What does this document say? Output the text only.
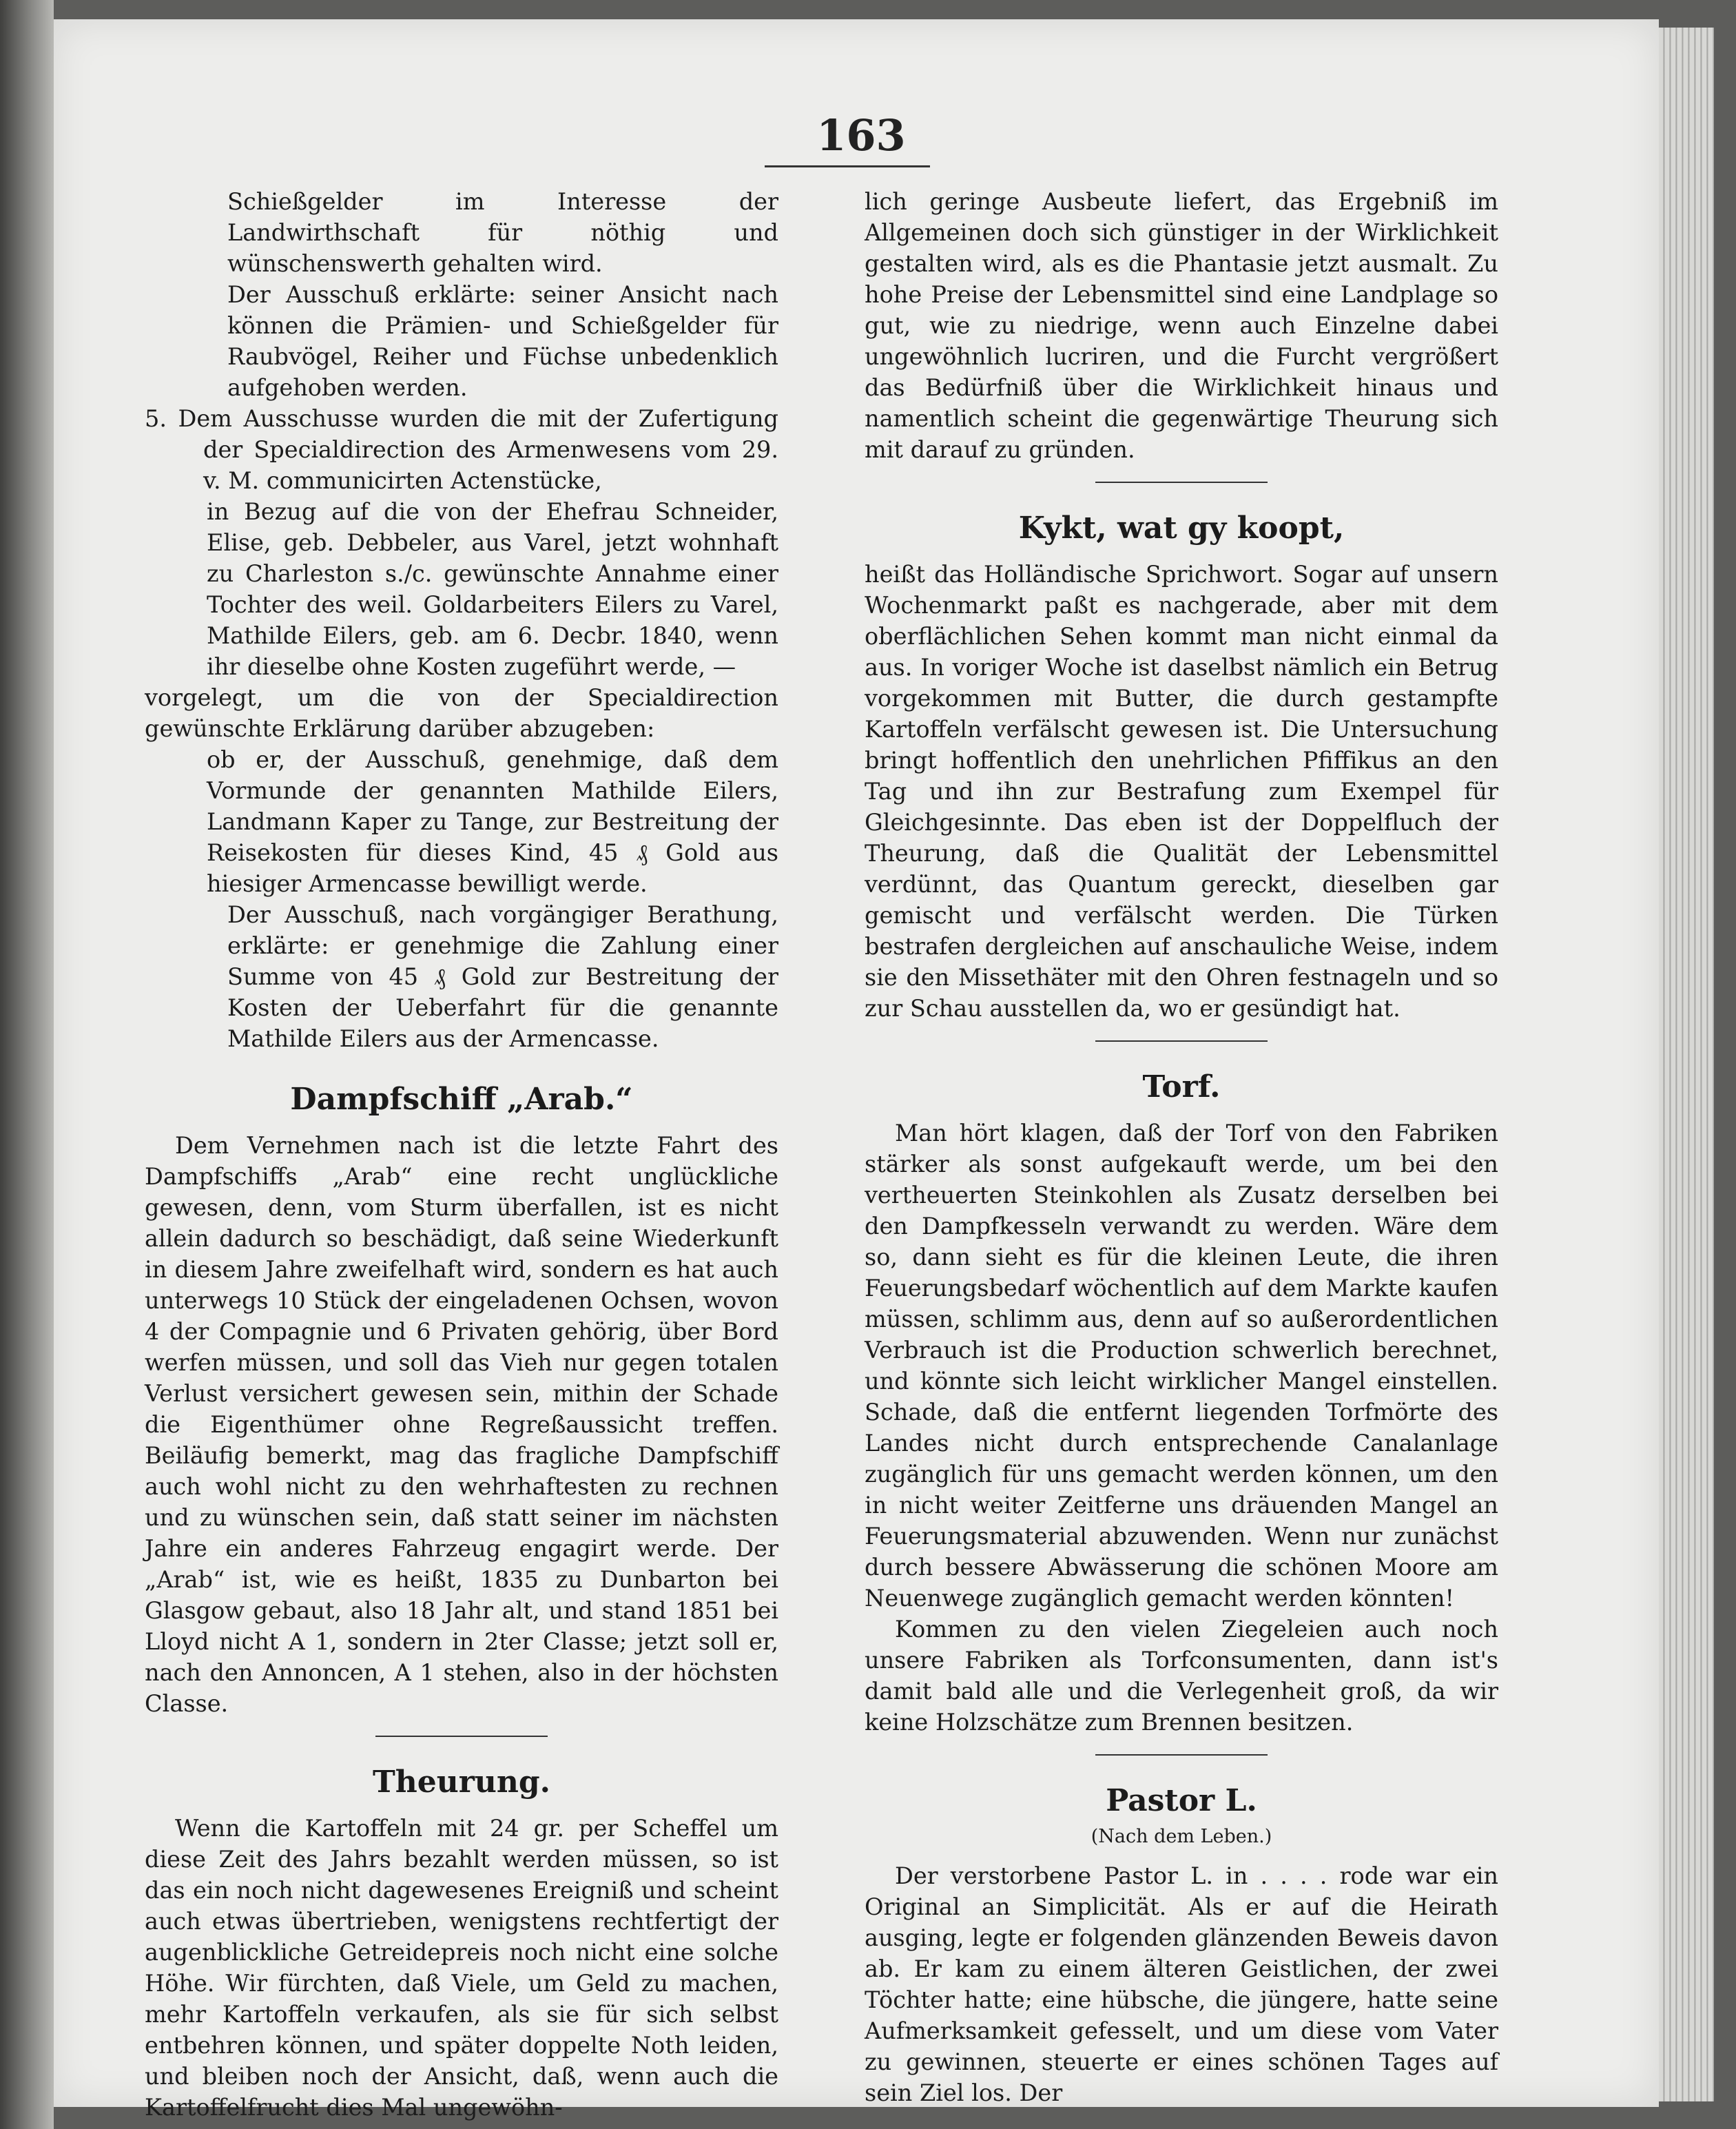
163

Schießgelder im Interesse der Landwirthschaft für nöthig und wünschenswerth gehalten wird.

Der Ausschuß erklärte: seiner Ansicht nach können die Prämien- und Schießgelder für Raubvögel, Reiher und Füchse unbedenklich aufgehoben werden.

5. Dem Ausschusse wurden die mit der Zufertigung der Specialdirection des Armenwesens vom 29. v. M. communicirten Actenstücke,

in Bezug auf die von der Ehefrau Schneider, Elise, geb. Debbeler, aus Varel, jetzt wohnhaft zu Charleston s./c. gewünschte Annahme einer Tochter des weil. Goldarbeiters Eilers zu Varel, Mathilde Eilers, geb. am 6. Decbr. 1840, wenn ihr dieselbe ohne Kosten zugeführt werde, —

vorgelegt, um die von der Specialdirection gewünschte Erklärung darüber abzugeben:

ob er, der Ausschuß, genehmige, daß dem Vormunde der genannten Mathilde Eilers, Landmann Kaper zu Tange, zur Bestreitung der Reisekosten für dieses Kind, 45 ₰ Gold aus hiesiger Armencasse bewilligt werde.

Der Ausschuß, nach vorgängiger Berathung, erklärte: er genehmige die Zahlung einer Summe von 45 ₰ Gold zur Bestreitung der Kosten der Ueberfahrt für die genannte Mathilde Eilers aus der Armencasse.

Dampfschiff „Arab.“

Dem Vernehmen nach ist die letzte Fahrt des Dampfschiffs „Arab“ eine recht unglückliche gewesen, denn, vom Sturm überfallen, ist es nicht allein dadurch so beschädigt, daß seine Wiederkunft in diesem Jahre zweifelhaft wird, sondern es hat auch unterwegs 10 Stück der eingeladenen Ochsen, wovon 4 der Compagnie und 6 Privaten gehörig, über Bord werfen müssen, und soll das Vieh nur gegen totalen Verlust versichert gewesen sein, mithin der Schade die Eigenthümer ohne Regreßaussicht treffen. Beiläufig bemerkt, mag das fragliche Dampfschiff auch wohl nicht zu den wehrhaftesten zu rechnen und zu wünschen sein, daß statt seiner im nächsten Jahre ein anderes Fahrzeug engagirt werde. Der „Arab“ ist, wie es heißt, 1835 zu Dunbarton bei Glasgow gebaut, also 18 Jahr alt, und stand 1851 bei Lloyd nicht A 1, sondern in 2ter Classe; jetzt soll er, nach den Annoncen, A 1 stehen, also in der höchsten Classe.

Theurung.

Wenn die Kartoffeln mit 24 gr. per Scheffel um diese Zeit des Jahrs bezahlt werden müssen, so ist das ein noch nicht dagewesenes Ereigniß und scheint auch etwas übertrieben, wenigstens rechtfertigt der augenblickliche Getreidepreis noch nicht eine solche Höhe. Wir fürchten, daß Viele, um Geld zu machen, mehr Kartoffeln verkaufen, als sie für sich selbst entbehren können, und später doppelte Noth leiden, und bleiben noch der Ansicht, daß, wenn auch die Kartoffelfrucht dies Mal ungewöhn-

lich geringe Ausbeute liefert, das Ergebniß im Allgemeinen doch sich günstiger in der Wirklichkeit gestalten wird, als es die Phantasie jetzt ausmalt. Zu hohe Preise der Lebensmittel sind eine Landplage so gut, wie zu niedrige, wenn auch Einzelne dabei ungewöhnlich lucriren, und die Furcht vergrößert das Bedürfniß über die Wirklichkeit hinaus und namentlich scheint die gegenwärtige Theurung sich mit darauf zu gründen.

Kykt, wat gy koopt,

heißt das Holländische Sprichwort. Sogar auf unsern Wochenmarkt paßt es nachgerade, aber mit dem oberflächlichen Sehen kommt man nicht einmal da aus. In voriger Woche ist daselbst nämlich ein Betrug vorgekommen mit Butter, die durch gestampfte Kartoffeln verfälscht gewesen ist. Die Untersuchung bringt hoffentlich den unehrlichen Pfiffikus an den Tag und ihn zur Bestrafung zum Exempel für Gleichgesinnte. Das eben ist der Doppelfluch der Theurung, daß die Qualität der Lebensmittel verdünnt, das Quantum gereckt, dieselben gar gemischt und verfälscht werden. Die Türken bestrafen dergleichen auf anschauliche Weise, indem sie den Missethäter mit den Ohren festnageln und so zur Schau ausstellen da, wo er gesündigt hat.

Torf.

Man hört klagen, daß der Torf von den Fabriken stärker als sonst aufgekauft werde, um bei den vertheuerten Steinkohlen als Zusatz derselben bei den Dampfkesseln verwandt zu werden. Wäre dem so, dann sieht es für die kleinen Leute, die ihren Feuerungsbedarf wöchentlich auf dem Markte kaufen müssen, schlimm aus, denn auf so außerordentlichen Verbrauch ist die Production schwerlich berechnet, und könnte sich leicht wirklicher Mangel einstellen. Schade, daß die entfernt liegenden Torfmörte des Landes nicht durch entsprechende Canalanlage zugänglich für uns gemacht werden können, um den in nicht weiter Zeitferne uns dräuenden Mangel an Feuerungsmaterial abzuwenden. Wenn nur zunächst durch bessere Abwässerung die schönen Moore am Neuenwege zugänglich gemacht werden könnten!

Kommen zu den vielen Ziegeleien auch noch unsere Fabriken als Torfconsumenten, dann ist's damit bald alle und die Verlegenheit groß, da wir keine Holzschätze zum Brennen besitzen.

Pastor L.
(Nach dem Leben.)

Der verstorbene Pastor L. in . . . . rode war ein Original an Simplicität. Als er auf die Heirath ausging, legte er folgenden glänzenden Beweis davon ab. Er kam zu einem älteren Geistlichen, der zwei Töchter hatte; eine hübsche, die jüngere, hatte seine Aufmerksamkeit gefesselt, und um diese vom Vater zu gewinnen, steuerte er eines schönen Tages auf sein Ziel los. Der
